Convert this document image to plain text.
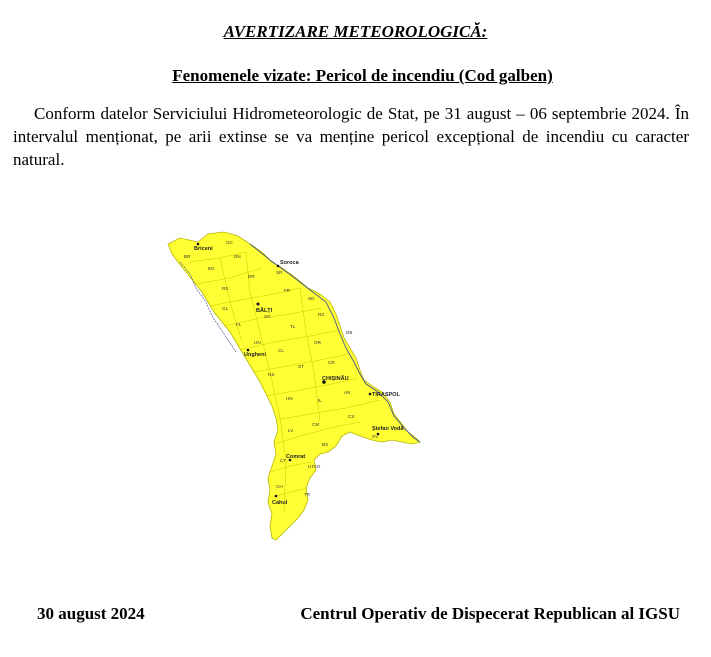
AVERTIZARE METEOROLOGICĂ:
Fenomenele vizate: Pericol de incendiu (Cod galben)
Conform datelor Serviciului Hidrometeorologic de Stat, pe 31 august – 06 septembrie 2024. În intervalul menționat, pe arii extinse se va menține pericol excepțional de incendiu cu caracter natural.
Briceni
Soroca
BĂLȚI
Ungheni
CHIȘINĂU
TIRASPOL
Ștefan Vodă
Comrat
Cahul
OC
DN
BR
ED
DR
SR
RS	FR
GL
SD
SG	RZ
FL	TL
UN
CL
OR
DB
ST
CR
NS
AN
HN	IL
CS
LV
CM
SV
BS
CT
UTAG
CH
TR
30 august 2024	Centrul Operativ de Dispecerat Republican al IGSU
